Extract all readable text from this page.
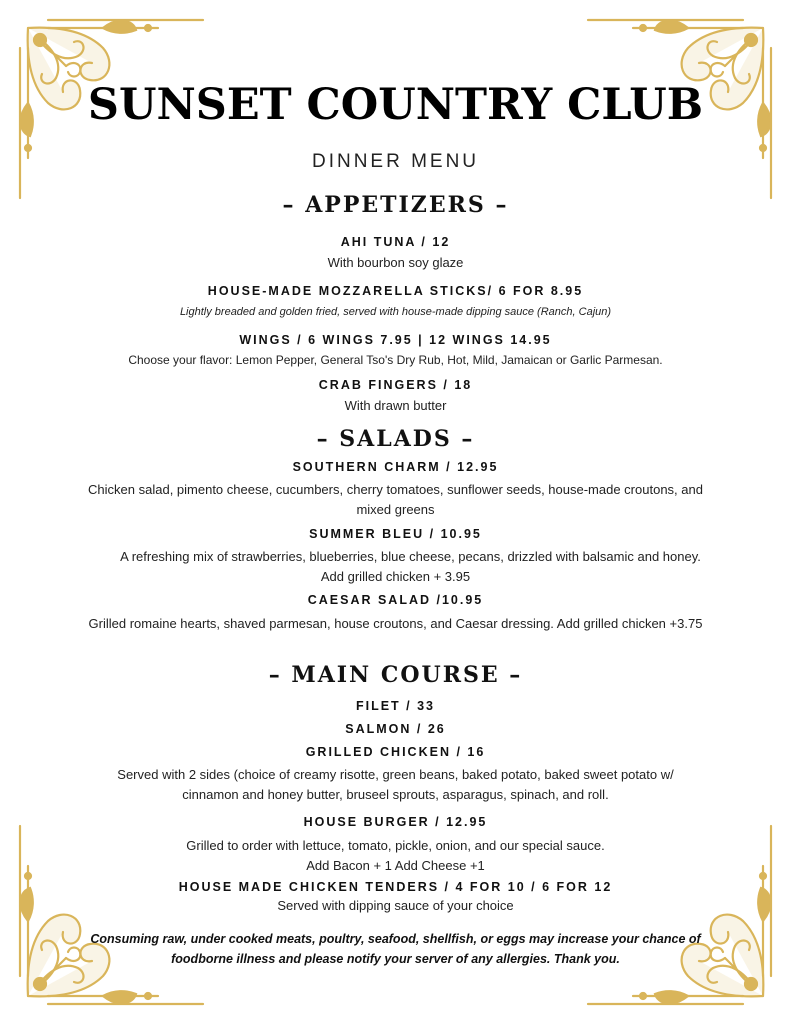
SUNSET COUNTRY CLUB
DINNER MENU
– APPETIZERS –
AHI TUNA / 12
With bourbon soy glaze
HOUSE-MADE MOZZARELLA STICKS/ 6 FOR 8.95
Lightly breaded and golden fried, served with house-made dipping sauce (Ranch, Cajun)
WINGS / 6 WINGS 7.95 | 12 WINGS 14.95
Choose your flavor: Lemon Pepper, General Tso's Dry Rub, Hot, Mild, Jamaican or Garlic Parmesan.
CRAB FINGERS / 18
With drawn butter
– SALADS –
SOUTHERN CHARM / 12.95
Chicken salad, pimento cheese, cucumbers, cherry tomatoes, sunflower seeds, house-made croutons, and mixed greens
SUMMER BLEU / 10.95
A refreshing mix of strawberries, blueberries, blue cheese, pecans, drizzled with balsamic and honey.
Add grilled chicken + 3.95
CAESAR SALAD /10.95
Grilled romaine hearts, shaved parmesan, house croutons, and Caesar dressing. Add grilled chicken +3.75
– MAIN COURSE –
FILET / 33
SALMON / 26
GRILLED CHICKEN / 16
Served with 2 sides (choice of creamy risotte, green beans, baked potato, baked sweet potato w/ cinnamon and honey butter, bruseel sprouts, asparagus, spinach, and roll.
HOUSE BURGER / 12.95
Grilled to order with lettuce, tomato, pickle, onion, and our special sauce.
Add Bacon + 1 Add Cheese +1
HOUSE MADE CHICKEN TENDERS / 4 FOR 10 / 6 FOR 12
Served with dipping sauce of your choice
Consuming raw, under cooked meats, poultry, seafood, shellfish, or eggs may increase your chance of foodborne illness and please notify your server of any allergies. Thank you.
